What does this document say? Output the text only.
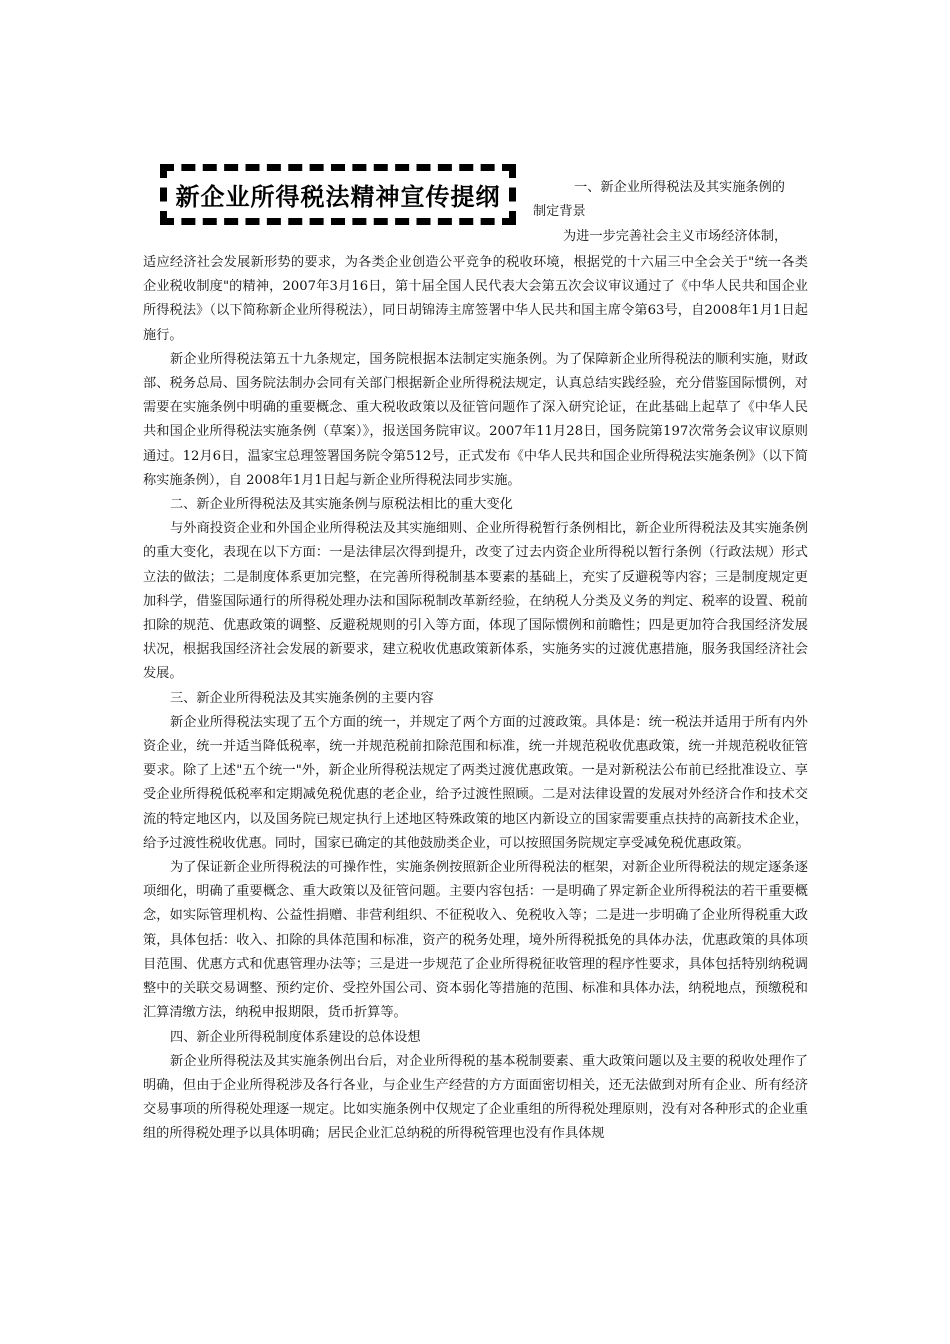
新企业所得税法精神宣传提纲	一、新企业所得税法及其实施条例的
制定背景
为进一步完善社会主义市场经济体制，

适应经济社会发展新形势的要求，为各类企业创造公平竞争的税收环境，根据党的十六届三中全会关于"统一各类企业税收制度"的精神，2007年3月16日，第十届全国人民代表大会第五次会议审议通过了《中华人民共和国企业所得税法》（以下简称新企业所得税法），同日胡锦涛主席签署中华人民共和国主席令第63号，自2008年1月1日起施行。

新企业所得税法第五十九条规定，国务院根据本法制定实施条例。为了保障新企业所得税法的顺利实施，财政部、税务总局、国务院法制办会同有关部门根据新企业所得税法规定，认真总结实践经验，充分借鉴国际惯例，对需要在实施条例中明确的重要概念、重大税收政策以及征管问题作了深入研究论证，在此基础上起草了《中华人民共和国企业所得税法实施条例（草案）》，报送国务院审议。2007年11月28日，国务院第197次常务会议审议原则通过。12月6日，温家宝总理签署国务院令第512号，正式发布《中华人民共和国企业所得税法实施条例》（以下简称实施条例），自 2008年1月1日起与新企业所得税法同步实施。

二、新企业所得税法及其实施条例与原税法相比的重大变化

与外商投资企业和外国企业所得税法及其实施细则、企业所得税暂行条例相比，新企业所得税法及其实施条例的重大变化，表现在以下方面：一是法律层次得到提升，改变了过去内资企业所得税以暂行条例（行政法规）形式立法的做法；二是制度体系更加完整，在完善所得税制基本要素的基础上，充实了反避税等内容；三是制度规定更加科学，借鉴国际通行的所得税处理办法和国际税制改革新经验，在纳税人分类及义务的判定、税率的设置、税前扣除的规范、优惠政策的调整、反避税规则的引入等方面，体现了国际惯例和前瞻性；四是更加符合我国经济发展状况，根据我国经济社会发展的新要求，建立税收优惠政策新体系，实施务实的过渡优惠措施，服务我国经济社会发展。

三、新企业所得税法及其实施条例的主要内容

新企业所得税法实现了五个方面的统一，并规定了两个方面的过渡政策。具体是：统一税法并适用于所有内外资企业，统一并适当降低税率，统一并规范税前扣除范围和标准，统一并规范税收优惠政策，统一并规范税收征管要求。除了上述"五个统一"外，新企业所得税法规定了两类过渡优惠政策。一是对新税法公布前已经批准设立、享受企业所得税低税率和定期减免税优惠的老企业，给予过渡性照顾。二是对法律设置的发展对外经济合作和技术交流的特定地区内，以及国务院已规定执行上述地区特殊政策的地区内新设立的国家需要重点扶持的高新技术企业，给予过渡性税收优惠。同时，国家已确定的其他鼓励类企业，可以按照国务院规定享受减免税优惠政策。

为了保证新企业所得税法的可操作性，实施条例按照新企业所得税法的框架，对新企业所得税法的规定逐条逐项细化，明确了重要概念、重大政策以及征管问题。主要内容包括：一是明确了界定新企业所得税法的若干重要概念，如实际管理机构、公益性捐赠、非营利组织、不征税收入、免税收入等；二是进一步明确了企业所得税重大政策，具体包括：收入、扣除的具体范围和标准，资产的税务处理，境外所得税抵免的具体办法，优惠政策的具体项目范围、优惠方式和优惠管理办法等；三是进一步规范了企业所得税征收管理的程序性要求，具体包括特别纳税调整中的关联交易调整、预约定价、受控外国公司、资本弱化等措施的范围、标准和具体办法，纳税地点，预缴税和汇算清缴方法，纳税申报期限，货币折算等。

四、新企业所得税制度体系建设的总体设想

新企业所得税法及其实施条例出台后，对企业所得税的基本税制要素、重大政策问题以及主要的税收处理作了明确，但由于企业所得税涉及各行各业，与企业生产经营的方方面面密切相关，还无法做到对所有企业、所有经济交易事项的所得税处理逐一规定。比如实施条例中仅规定了企业重组的所得税处理原则，没有对各种形式的企业重组的所得税处理予以具体明确；居民企业汇总纳税的所得税管理也没有作具体规
